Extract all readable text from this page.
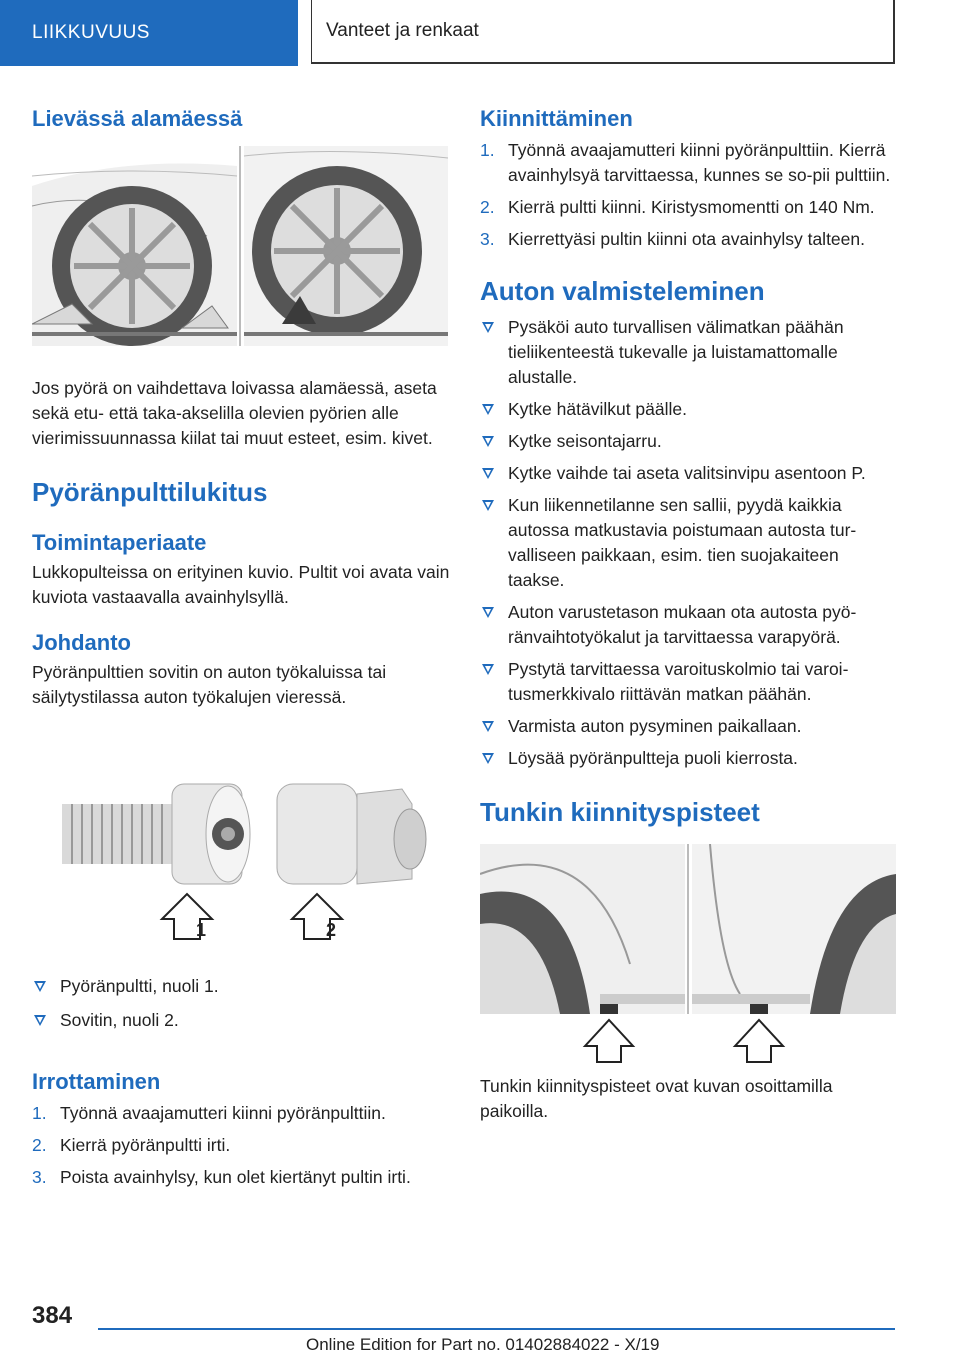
LIIKKUVUUS	Vanteet ja renkaat
Lievässä alamäessä

Jos pyörä on vaihdettava loivassa alamäessä, aseta sekä etu- että taka-akselilla olevien pyörien alle vierimissuunnassa kiilat tai muut esteet, esim. kivet.

Pyöränpulttilukitus
Toimintaperiaate

Lukkopulteissa on erityinen kuvio. Pultit voi avata vain kuviota vastaavalla avainhylsyllä.

Johdanto

Pyöränpulttien sovitin on auton työkaluissa tai säilytystilassa auton työkalujen vieressä.

1	2
Pyöränpultti, nuoli 1.
Sovitin, nuoli 2.
Irrottaminen
1. Työnnä avaajamutteri kiinni pyöränpulttiin.
2. Kierrä pyöränpultti irti.
3. Poista avainhylsy, kun olet kiertänyt pultin irti.
Kiinnittäminen
1. Työnnä avaajamutteri kiinni pyöränpulttiin. Kierrä avainhylsyä tarvittaessa, kunnes se so-pii pulttiin.
2. Kierrä pultti kiinni. Kiristysmomentti on 140 Nm.
3. Kierrettyäsi pultin kiinni ota avainhylsy talteen.
Auton valmisteleminen
Pysäköi auto turvallisen välimatkan päähän tieliikenteestä tukevalle ja luistamattomalle alustalle.
Kytke hätävilkut päälle.
Kytke seisontajarru.
Kytke vaihde tai aseta valitsinvipu asentoon P.
Kun liikennetilanne sen sallii, pyydä kaikkia autossa matkustavia poistumaan autosta tur-valliseen paikkaan, esim. tien suojakaiteen taakse.
Auton varustetason mukaan ota autosta pyö-ränvaihtotyökalut ja tarvittaessa varapyörä.
Pystytä tarvittaessa varoituskolmio tai varoi-tusmerkkivalo riittävän matkan päähän.
Varmista auton pysyminen paikallaan.
Löysää pyöränpultteja puoli kierrosta.
Tunkin kiinnityspisteet

Tunkin kiinnityspisteet ovat kuvan osoittamilla paikoilla.

384
Online Edition for Part no. 01402884022 - X/19
